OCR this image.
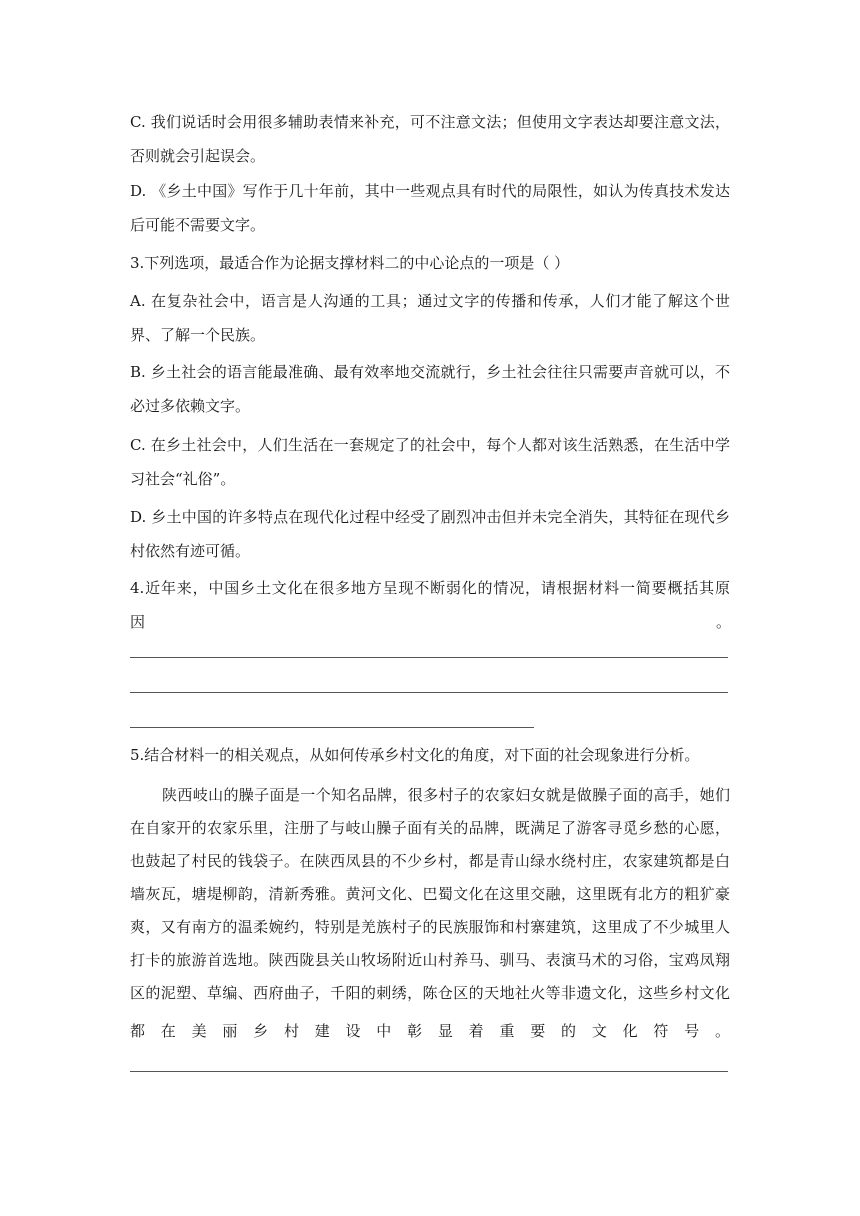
C. 我们说话时会用很多辅助表情来补充，可不注意文法；但使用文字表达却要注意文法，
否则就会引起误会。
D. 《乡土中国》写作于几十年前，其中一些观点具有时代的局限性，如认为传真技术发达
后可能不需要文字。
3.下列选项，最适合作为论据支撑材料二的中心论点的一项是（ ）
A. 在复杂社会中，语言是人沟通的工具；通过文字的传播和传承，人们才能了解这个世
界、了解一个民族。
B. 乡土社会的语言能最准确、最有效率地交流就行，乡土社会往往只需要声音就可以，不
必过多依赖文字。
C. 在乡土社会中，人们生活在一套规定了的社会中，每个人都对该生活熟悉，在生活中学
习社会“礼俗”。
D. 乡土中国的许多特点在现代化过程中经受了剧烈冲击但并未完全消失，其特征在现代乡
村依然有迹可循。
4.近年来，中国乡土文化在很多地方呈现不断弱化的情况，请根据材料一简要概括其原
因	。
5.结合材料一的相关观点，从如何传承乡村文化的角度，对下面的社会现象进行分析。
陕西岐山的臊子面是一个知名品牌，很多村子的农家妇女就是做臊子面的高手，她们
在自家开的农家乐里，注册了与岐山臊子面有关的品牌，既满足了游客寻觅乡愁的心愿，
也鼓起了村民的钱袋子。在陕西凤县的不少乡村，都是青山绿水绕村庄，农家建筑都是白
墙灰瓦，塘堤柳韵，清新秀雅。黄河文化、巴蜀文化在这里交融，这里既有北方的粗犷豪
爽，又有南方的温柔婉约，特别是羌族村子的民族服饰和村寨建筑，这里成了不少城里人
打卡的旅游首选地。陕西陇县关山牧场附近山村养马、驯马、表演马术的习俗，宝鸡凤翔
区的泥塑、草编、西府曲子，千阳的刺绣，陈仓区的天地社火等非遗文化，这些乡村文化
都在美丽乡村建设中彰显着重要的文化符号。
